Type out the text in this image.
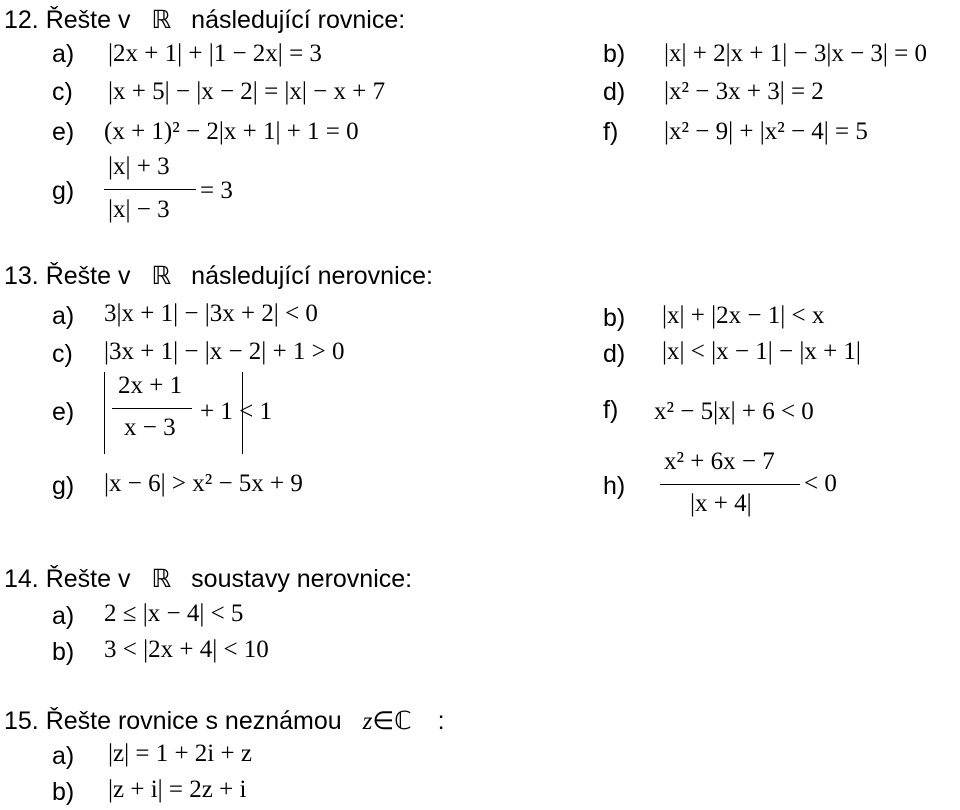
12. Řešte v ℝ následující rovnice:
a) |2x + 1| + |1 − 2x| = 3	b) |x| + 2|x + 1| − 3|x − 3| = 0
c) |x + 5| − |x − 2| = |x| − x + 7	d) |x² − 3x + 3| = 2
e) (x + 1)² − 2|x + 1| + 1 = 0	f) |x² − 9| + |x² − 4| = 5
g)
|x| + 3
|x| − 3
= 3
13. Řešte v ℝ následující nerovnice:
a) 3|x + 1| − |3x + 2| < 0	b) |x| + |2x − 1| < x
c) |3x + 1| − |x − 2| + 1 > 0	d) |x| < |x − 1| − |x + 1|
e)
2x + 1
x − 3
+ 1 < 1	f) x² − 5|x| + 6 < 0
g) |x − 6| > x² − 5x + 9	h)
x² + 6x − 7
|x + 4|
< 0
14. Řešte v ℝ soustavy nerovnice:
a) 2 ≤ |x − 4| < 5
b) 3 < |2x + 4| < 10
15. Řešte rovnice s neznámou z∈ℂ :
a) |z| = 1 + 2i + z
b) |z + i| = 2z + i
